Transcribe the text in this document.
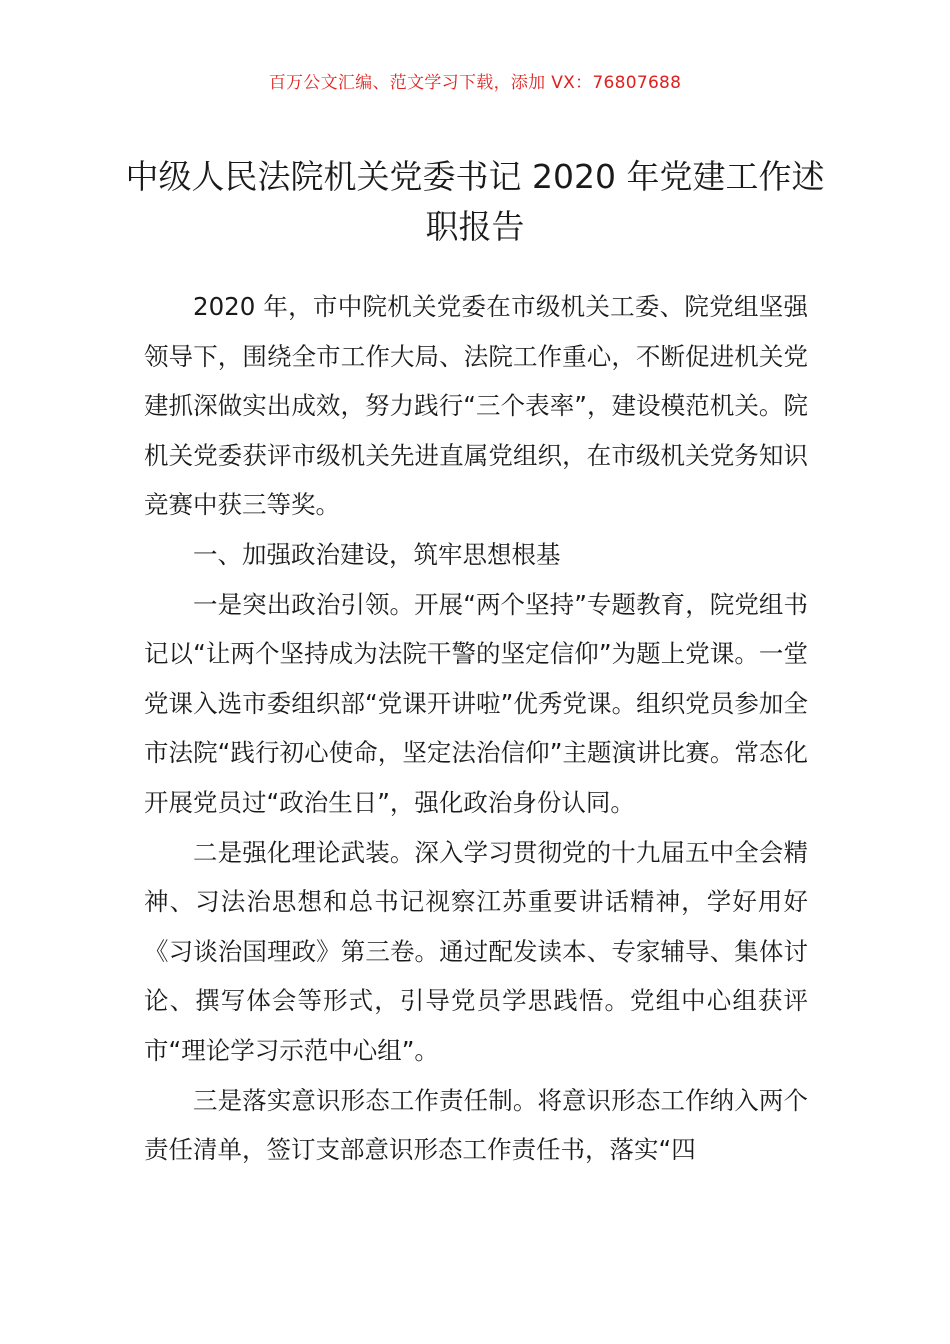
百万公文汇编、范文学习下载，添加 VX：76807688
中级人民法院机关党委书记 2020 年党建工作述职报告

2020 年，市中院机关党委在市级机关工委、院党组坚强领导下，围绕全市工作大局、法院工作重心，不断促进机关党建抓深做实出成效，努力践行“三个表率”，建设模范机关。院机关党委获评市级机关先进直属党组织，在市级机关党务知识竞赛中获三等奖。

一、加强政治建设，筑牢思想根基

一是突出政治引领。开展“两个坚持”专题教育，院党组书记以“让两个坚持成为法院干警的坚定信仰”为题上党课。一堂党课入选市委组织部“党课开讲啦”优秀党课。组织党员参加全市法院“践行初心使命，坚定法治信仰”主题演讲比赛。常态化开展党员过“政治生日”，强化政治身份认同。

二是强化理论武装。深入学习贯彻党的十九届五中全会精神、习法治思想和总书记视察江苏重要讲话精神，学好用好《习谈治国理政》第三卷。通过配发读本、专家辅导、集体讨论、撰写体会等形式，引导党员学思践悟。党组中心组获评市“理论学习示范中心组”。

三是落实意识形态工作责任制。将意识形态工作纳入两个责任清单，签订支部意识形态工作责任书，落实“四
